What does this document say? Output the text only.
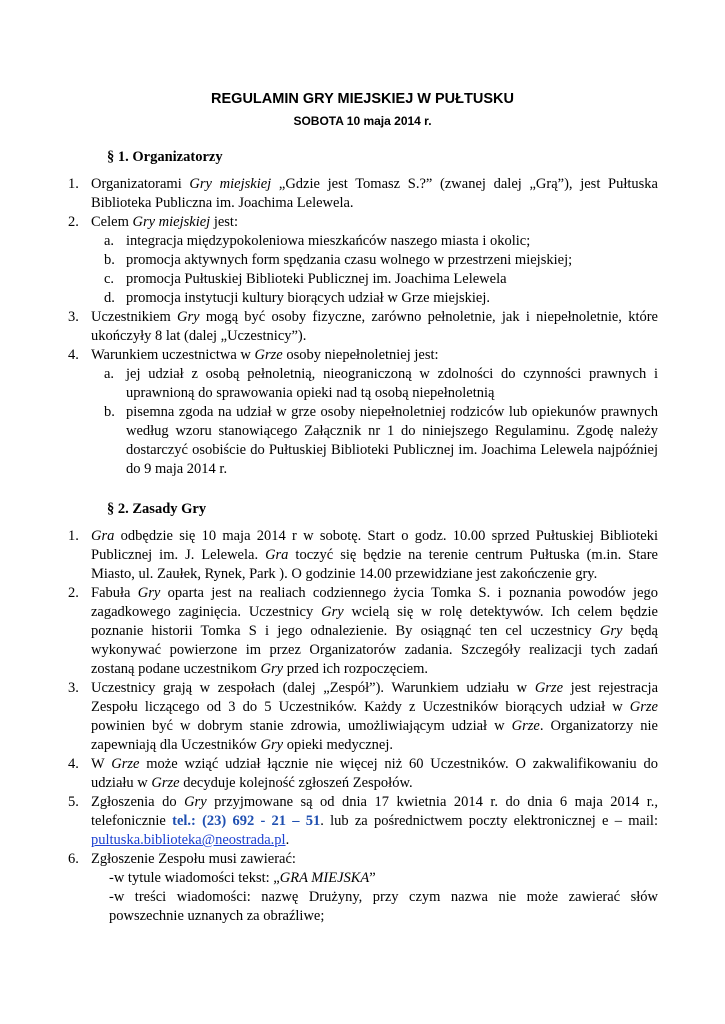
REGULAMIN GRY MIEJSKIEJ W PUŁTUSKU
SOBOTA 10 maja 2014 r.
§ 1. Organizatorzy
1. Organizatorami Gry miejskiej „Gdzie jest Tomasz S.?” (zwanej dalej „Grą”), jest Pułtuska Biblioteka Publiczna im. Joachima Lelewela.
2. Celem Gry miejskiej jest:
a. integracja międzypokoleniowa mieszkańców naszego miasta i okolic;
b. promocja aktywnych form spędzania czasu wolnego w przestrzeni miejskiej;
c. promocja Pułtuskiej Biblioteki Publicznej im. Joachima Lelewela
d. promocja instytucji kultury biorących udział w Grze miejskiej.
3. Uczestnikiem Gry mogą być osoby fizyczne, zarówno pełnoletnie, jak i niepełnoletnie, które ukończyły 8 lat (dalej „Uczestnicy”).
4. Warunkiem uczestnictwa w Grze osoby niepełnoletniej jest:
a. jej udział z osobą pełnoletnią, nieograniczoną w zdolności do czynności prawnych i uprawnioną do sprawowania opieki nad tą osobą niepełnoletnią
b. pisemna zgoda na udział w grze osoby niepełnoletniej rodziców lub opiekunów prawnych według wzoru stanowiącego Załącznik nr 1 do niniejszego Regulaminu. Zgodę należy dostarczyć osobiście do Pułtuskiej Biblioteki Publicznej im. Joachima Lelewela najpóźniej do 9 maja 2014 r.
§ 2. Zasady Gry
1. Gra odbędzie się 10 maja 2014 r w sobotę. Start o godz. 10.00 sprzed Pułtuskiej Biblioteki Publicznej im. J. Lelewela. Gra toczyć się będzie na terenie centrum Pułtuska (m.in. Stare Miasto, ul. Zaułek, Rynek, Park ). O godzinie 14.00 przewidziane jest zakończenie gry.
2. Fabuła Gry oparta jest na realiach codziennego życia Tomka S. i poznania powodów jego zagadkowego zaginięcia. Uczestnicy Gry wcielą się w rolę detektywów. Ich celem będzie poznanie historii Tomka S i jego odnalezienie. By osiągnąć ten cel uczestnicy Gry będą wykonywać powierzone im przez Organizatorów zadania. Szczegóły realizacji tych zadań zostaną podane uczestnikom Gry przed ich rozpoczęciem.
3. Uczestnicy grają w zespołach (dalej „Zespół”). Warunkiem udziału w Grze jest rejestracja Zespołu liczącego od 3 do 5 Uczestników. Każdy z Uczestników biorących udział w Grze powinien być w dobrym stanie zdrowia, umożliwiającym udział w Grze. Organizatorzy nie zapewniają dla Uczestników Gry opieki medycznej.
4. W Grze może wziąć udział łącznie nie więcej niż 60 Uczestników. O zakwalifikowaniu do udziału w Grze decyduje kolejność zgłoszeń Zespołów.
5. Zgłoszenia do Gry przyjmowane są od dnia 17 kwietnia 2014 r. do dnia 6 maja 2014 r., telefonicznie tel.: (23) 692 - 21 – 51. lub za pośrednictwem poczty elektronicznej e – mail: pultuska.biblioteka@neostrada.pl.
6. Zgłoszenie Zespołu musi zawierać:
-w tytule wiadomości tekst: „GRA MIEJSKA”
-w treści wiadomości: nazwę Drużyny, przy czym nazwa nie może zawierać słów powszechnie uznanych za obraźliwe;
